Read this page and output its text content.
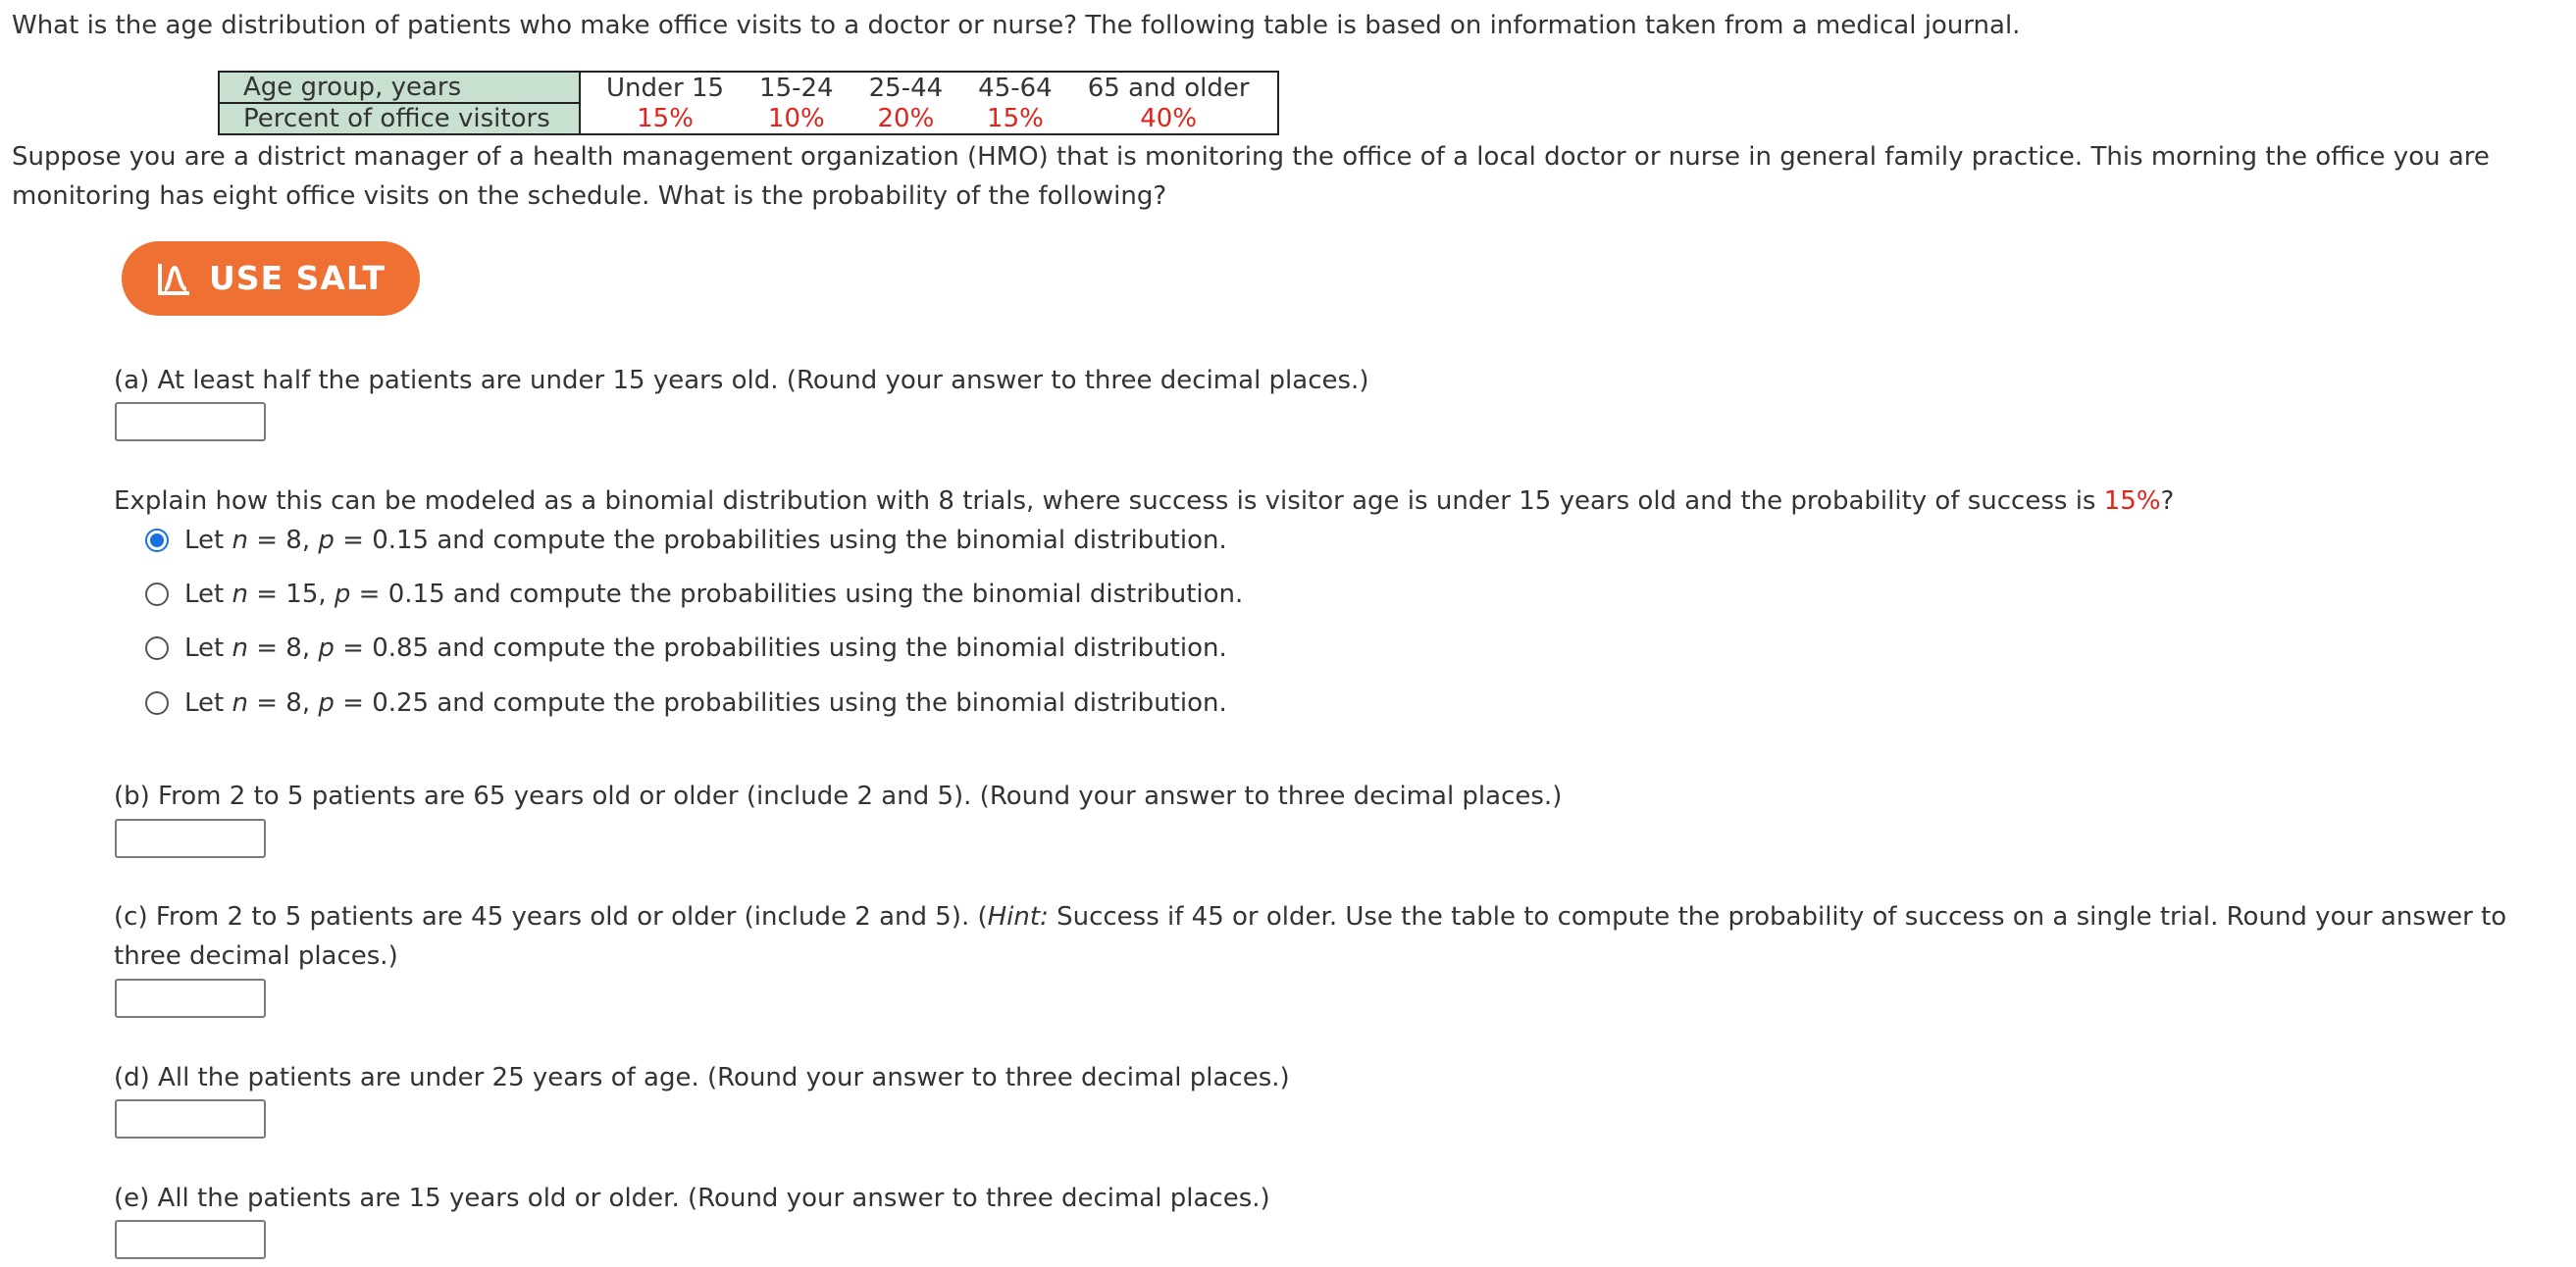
What is the age distribution of patients who make office visits to a doctor or nurse? The following table is based on information taken from a medical journal.
Age group, years	Under 15	15-24	25-44	45-64	65 and older
Percent of office visitors	15%	10%	20%	15%	40%
Suppose you are a district manager of a health management organization (HMO) that is monitoring the office of a local doctor or nurse in general family practice. This morning the office you are monitoring has eight office visits on the schedule. What is the probability of the following?
USE SALT
(a) At least half the patients are under 15 years old. (Round your answer to three decimal places.)
Explain how this can be modeled as a binomial distribution with 8 trials, where success is visitor age is under 15 years old and the probability of success is 15%?
Let n = 8, p = 0.15 and compute the probabilities using the binomial distribution.
Let n = 15, p = 0.15 and compute the probabilities using the binomial distribution.
Let n = 8, p = 0.85 and compute the probabilities using the binomial distribution.
Let n = 8, p = 0.25 and compute the probabilities using the binomial distribution.
(b) From 2 to 5 patients are 65 years old or older (include 2 and 5). (Round your answer to three decimal places.)
(c) From 2 to 5 patients are 45 years old or older (include 2 and 5). (Hint: Success if 45 or older. Use the table to compute the probability of success on a single trial. Round your answer to three decimal places.)
(d) All the patients are under 25 years of age. (Round your answer to three decimal places.)
(e) All the patients are 15 years old or older. (Round your answer to three decimal places.)
